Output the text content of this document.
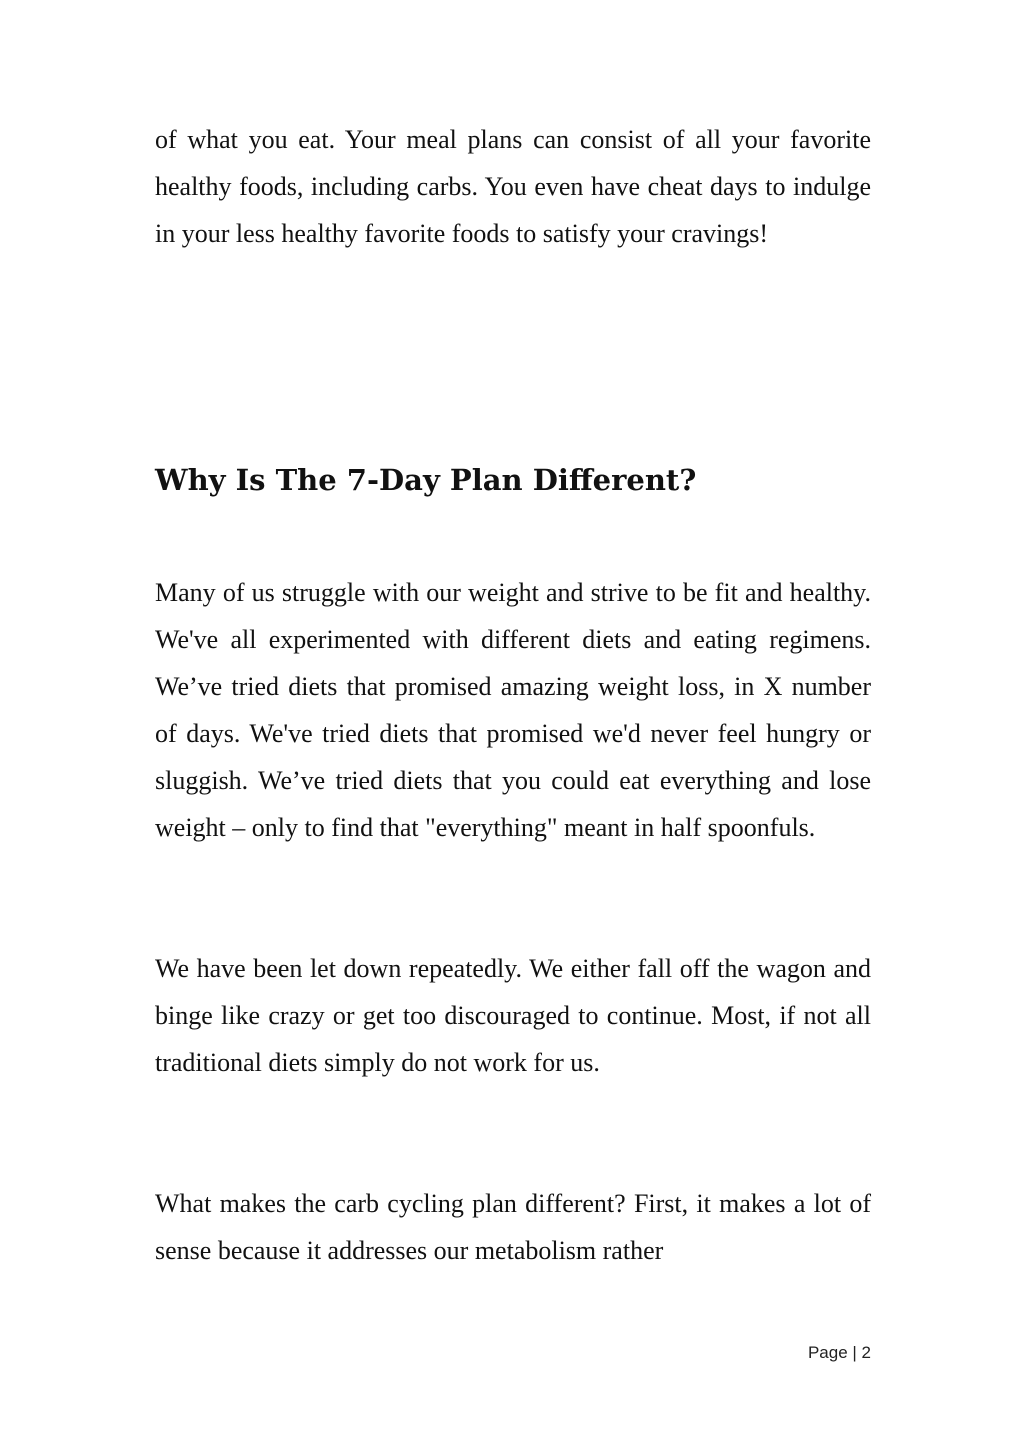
of what you eat. Your meal plans can consist of all your favorite healthy foods, including carbs. You even have cheat days to indulge in your less healthy favorite foods to satisfy your cravings!

Why Is The 7-Day Plan Different?

Many of us struggle with our weight and strive to be fit and healthy. We've all experimented with different diets and eating regimens. We’ve tried diets that promised amazing weight loss, in X number of days. We've tried diets that promised we'd never feel hungry or sluggish. We’ve tried diets that you could eat everything and lose weight – only to find that "everything" meant in half spoonfuls.

We have been let down repeatedly. We either fall off the wagon and binge like crazy or get too discouraged to continue. Most, if not all traditional diets simply do not work for us.

What makes the carb cycling plan different? First, it makes a lot of sense because it addresses our metabolism rather

Page | 2
